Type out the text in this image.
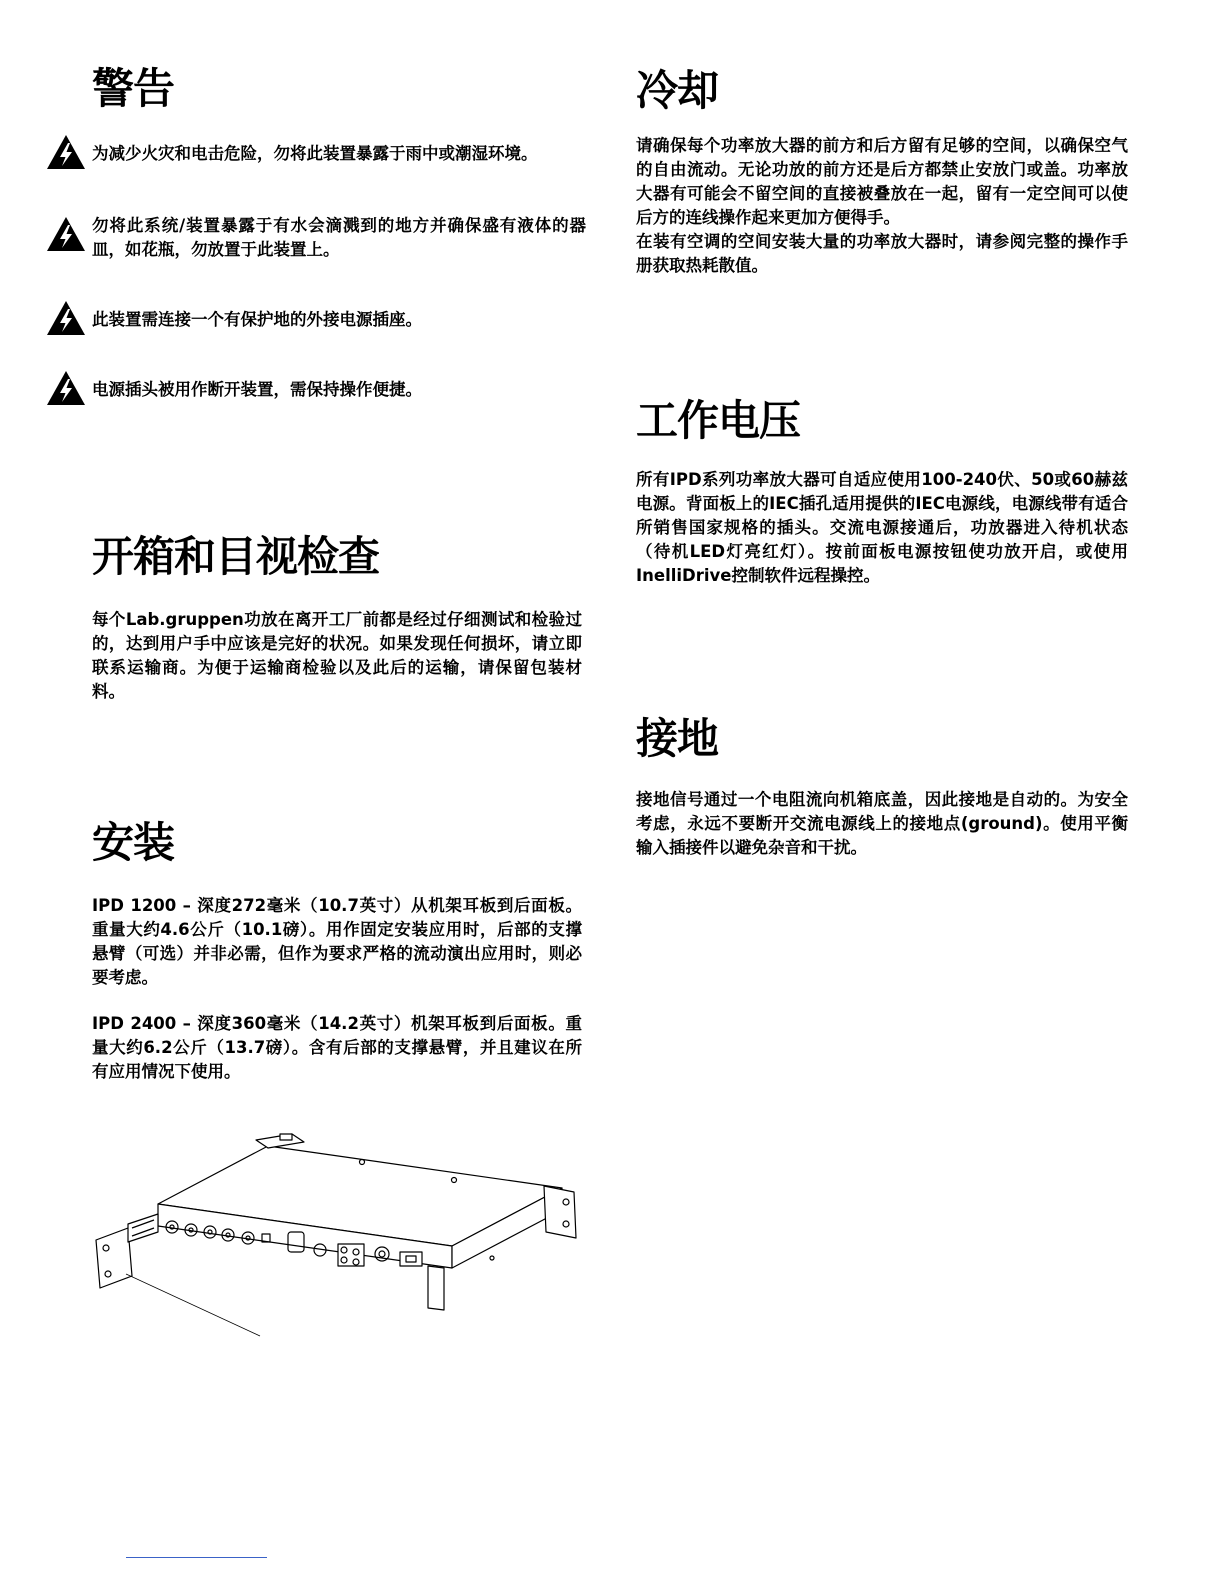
警告
为减少火灾和电击危险，勿将此装置暴露于雨中或潮湿环境。
勿将此系统/装置暴露于有水会滴溅到的地方并确保盛有液体的器皿，如花瓶，勿放置于此装置上。
此装置需连接一个有保护地的外接电源插座。
电源插头被用作断开装置，需保持操作便捷。
开箱和目视检查

每个Lab.gruppen功放在离开工厂前都是经过仔细测试和检验过的，达到用户手中应该是完好的状况。如果发现任何损坏，请立即联系运输商。为便于运输商检验以及此后的运输，请保留包装材料。

安装

IPD 1200 – 深度272毫米（10.7英寸）从机架耳板到后面板。重量大约4.6公斤（10.1磅）。用作固定安装应用时，后部的支撑悬臂（可选）并非必需，但作为要求严格的流动演出应用时，则必要考虑。

IPD 2400 – 深度360毫米（14.2英寸）机架耳板到后面板。重量大约6.2公斤（13.7磅）。含有后部的支撑悬臂，并且建议在所有应用情况下使用。

冷却

请确保每个功率放大器的前方和后方留有足够的空间，以确保空气的自由流动。无论功放的前方还是后方都禁止安放门或盖。功率放大器有可能会不留空间的直接被叠放在一起，留有一定空间可以使后方的连线操作起来更加方便得手。

在装有空调的空间安装大量的功率放大器时，请参阅完整的操作手册获取热耗散值。

工作电压

所有IPD系列功率放大器可自适应使用100-240伏、50或60赫兹电源。背面板上的IEC插孔适用提供的IEC电源线，电源线带有适合所销售国家规格的插头。交流电源接通后，功放器进入待机状态（待机LED灯亮红灯）。按前面板电源按钮使功放开启，或使用InelliDrive控制软件远程操控。

接地

接地信号通过一个电阻流向机箱底盖，因此接地是自动的。为安全考虑，永远不要断开交流电源线上的接地点(ground)。使用平衡输入插接件以避免杂音和干扰。
